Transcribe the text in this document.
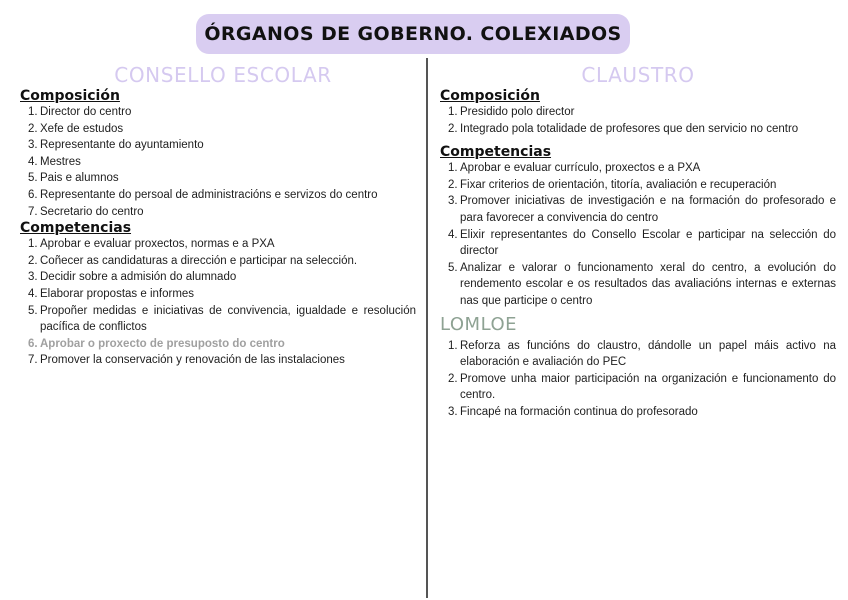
ÓRGANOS DE GOBERNO. COLEXIADOS
CONSELLO ESCOLAR
Composición
1. Director do centro
2. Xefe de estudos
3. Representante do ayuntamiento
4. Mestres
5. Pais e alumnos
6. Representante do persoal de administracións e servizos do centro
7. Secretario do centro
Competencias
1. Aprobar e evaluar proxectos, normas e a PXA
2. Coñecer as candidaturas a dirección e participar na selección.
3. Decidir sobre a admisión do alumnado
4. Elaborar propostas e informes
5. Propoñer medidas e iniciativas de convivencia, igualdade e resolución pacífica de conflictos
6. Aprobar o proxecto de presuposto do centro
7. Promover la conservación y renovación de las instalaciones
CLAUSTRO
Composición
1. Presidido polo director
2. Integrado pola totalidade de profesores que den servicio no centro
Competencias
1. Aprobar e evaluar currículo, proxectos e a PXA
2. Fixar criterios de orientación, titoría, avaliación e recuperación
3. Promover iniciativas de investigación e na formación do profesorado e para favorecer a convivencia do centro
4. Elixir representantes do Consello Escolar e participar na selección do director
5. Analizar e valorar o funcionamento xeral do centro, a evolución do rendemento escolar e os resultados das avaliacións internas e externas nas que participe o centro
LOMLOE
1. Reforza as funcións do claustro, dándolle un papel máis activo na elaboración e avaliación do PEC
2. Promove unha maior participación na organización e funcionamento do centro.
3. Fincapé na formación continua do profesorado
